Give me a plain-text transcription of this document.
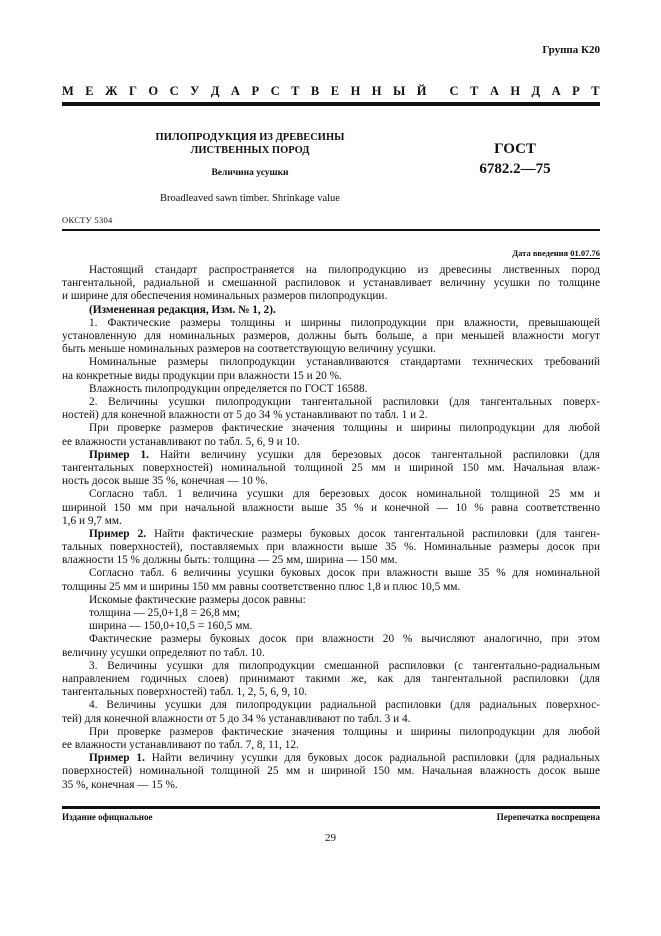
Группа К20
М Е Ж Г О С У Д А Р С Т В Е Н Н Ы Й С Т А Н Д А Р Т
ПИЛОПРОДУКЦИЯ ИЗ ДРЕВЕСИНЫ
ЛИСТВЕННЫХ ПОРОД
Величина усушки
Broadleaved sawn timber. Shrinkage value
ГОСТ
6782.2—75
ОКСТУ 5304
Дата введения 01.07.76
Настоящий стандарт распространяется на пилопродукцию из древесины лиственных пород
тангентальной, радиальной и смешанной распиловок и устанавливает величину усушки по толщине
и ширине для обеспечения номинальных размеров пилопродукции.
(Измененная редакция, Изм. № 1, 2).
1. Фактические размеры толщины и ширины пилопродукции при влажности, превышающей
установленную для номинальных размеров, должны быть больше, а при меньшей влажности могут
быть меньше номинальных размеров на соответствующую величину усушки.
Номинальные размеры пилопродукции устанавливаются стандартами технических требований
на конкретные виды продукции при влажности 15 и 20 %.
Влажность пилопродукции определяется по ГОСТ 16588.
2. Величины усушки пилопродукции тангентальной распиловки (для тангентальных поверх-
ностей) для конечной влажности от 5 до 34 % устанавливают по табл. 1 и 2.
При проверке размеров фактические значения толщины и ширины пилопродукции для любой
ее влажности устанавливают по табл. 5, 6, 9 и 10.
Пример 1. Найти величину усушки для березовых досок тангентальной распиловки (для
тангентальных поверхностей) номинальной толщиной 25 мм и шириной 150 мм. Начальная влаж-
ность досок выше 35 %, конечная — 10 %.
Согласно табл. 1 величина усушки для березовых досок номинальной толщиной 25 мм и
шириной 150 мм при начальной влажности выше 35 % и конечной — 10 % равна соответственно
1,6 и 9,7 мм.
Пример 2. Найти фактические размеры буковых досок тангентальной распиловки (для танген-
тальных поверхностей), поставляемых при влажности выше 35 %. Номинальные размеры досок при
влажности 15 % должны быть: толщина — 25 мм, ширина — 150 мм.
Согласно табл. 6 величины усушки буковых досок при влажности выше 35 % для номинальной
толщины 25 мм и ширины 150 мм равны соответственно плюс 1,8 и плюс 10,5 мм.
Искомые фактические размеры досок равны:
толщина — 25,0+1,8 = 26,8 мм;
ширина — 150,0+10,5 = 160,5 мм.
Фактические размеры буковых досок при влажности 20 % вычисляют аналогично, при этом
величину усушки определяют по табл. 10.
3. Величины усушки для пилопродукции смешанной распиловки (с тангентально-радиальным
направлением годичных слоев) принимают такими же, как для тангентальной распиловки (для
тангентальных поверхностей) табл. 1, 2, 5, 6, 9, 10.
4. Величины усушки для пилопродукции радиальной распиловки (для радиальных поверхнос-
тей) для конечной влажности от 5 до 34 % устанавливают по табл. 3 и 4.
При проверке размеров фактические значения толщины и ширины пилопродукции для любой
ее влажности устанавливают по табл. 7, 8, 11, 12.
Пример 1. Найти величину усушки для буковых досок радиальной распиловки (для радиальных
поверхностей) номинальной толщиной 25 мм и шириной 150 мм. Начальная влажность досок выше
35 %, конечная — 15 %.
Издание официальное	Перепечатка воспрещена
29
